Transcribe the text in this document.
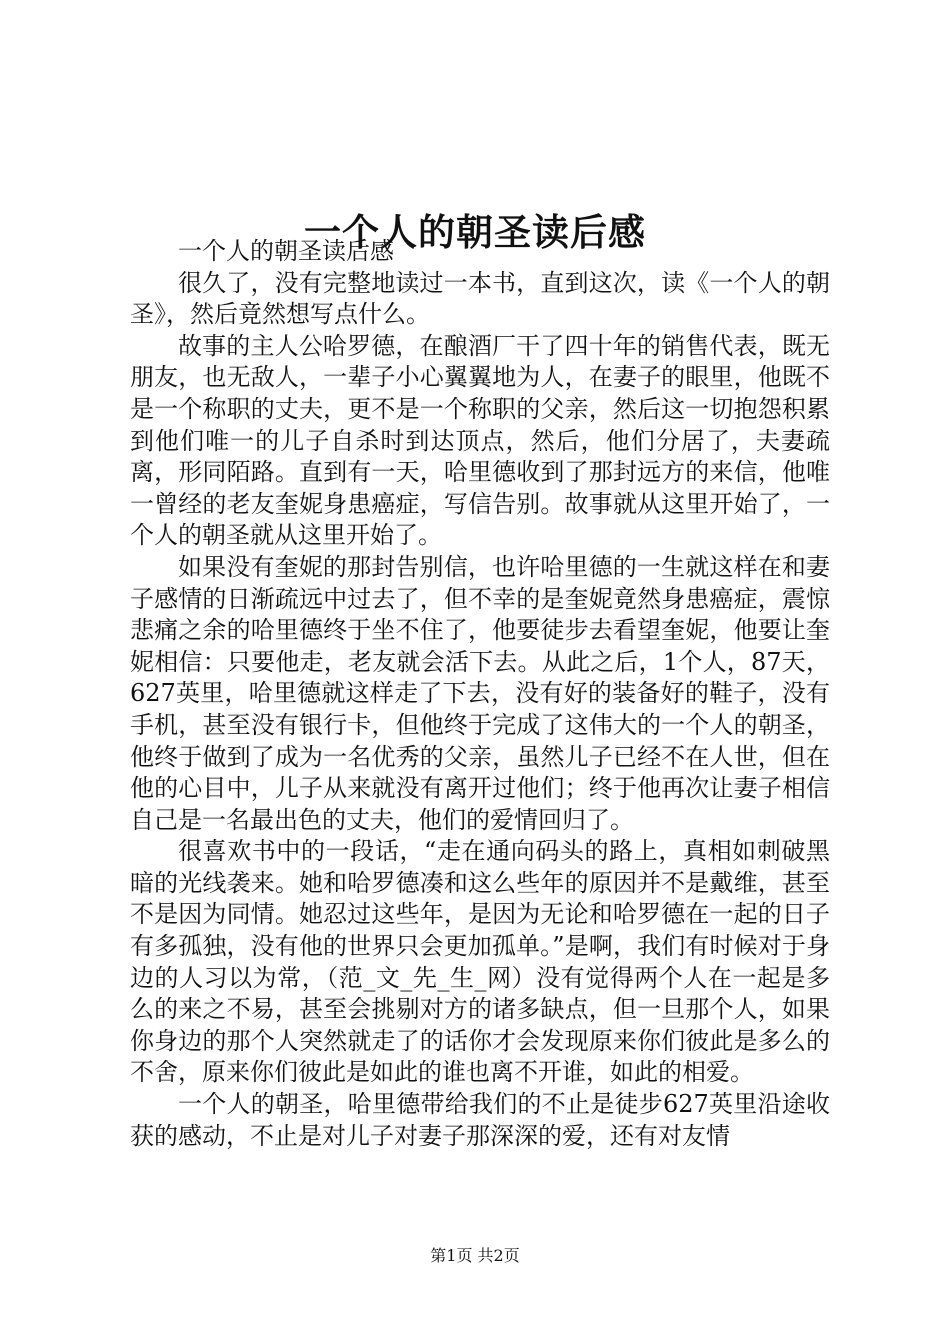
一个人的朝圣读后感

一个人的朝圣读后感

很久了，没有完整地读过一本书，直到这次，读《一个人的朝圣》，然后竟然想写点什么。

故事的主人公哈罗德，在酿酒厂干了四十年的销售代表，既无朋友，也无敌人，一辈子小心翼翼地为人，在妻子的眼里，他既不是一个称职的丈夫，更不是一个称职的父亲，然后这一切抱怨积累到他们唯一的儿子自杀时到达顶点，然后，他们分居了，夫妻疏离，形同陌路。直到有一天，哈里德收到了那封远方的来信，他唯一曾经的老友奎妮身患癌症，写信告别。故事就从这里开始了，一个人的朝圣就从这里开始了。

如果没有奎妮的那封告别信，也许哈里德的一生就这样在和妻子感情的日渐疏远中过去了，但不幸的是奎妮竟然身患癌症，震惊悲痛之余的哈里德终于坐不住了，他要徒步去看望奎妮，他要让奎妮相信：只要他走，老友就会活下去。从此之后，1个人，87天，627英里，哈里德就这样走了下去，没有好的装备好的鞋子，没有手机，甚至没有银行卡，但他终于完成了这伟大的一个人的朝圣，他终于做到了成为一名优秀的父亲，虽然儿子已经不在人世，但在他的心目中，儿子从来就没有离开过他们；终于他再次让妻子相信自己是一名最出色的丈夫，他们的爱情回归了。

很喜欢书中的一段话，“走在通向码头的路上，真相如刺破黑暗的光线袭来。她和哈罗德凑和这么些年的原因并不是戴维，甚至不是因为同情。她忍过这些年，是因为无论和哈罗德在一起的日子有多孤独，没有他的世界只会更加孤单。”是啊，我们有时候对于身边的人习以为常，（范_文_先_生_网）没有觉得两个人在一起是多么的来之不易，甚至会挑剔对方的诸多缺点，但一旦那个人，如果你身边的那个人突然就走了的话你才会发现原来你们彼此是多么的不舍，原来你们彼此是如此的谁也离不开谁，如此的相爱。

一个人的朝圣，哈里德带给我们的不止是徒步627英里沿途收获的感动，不止是对儿子对妻子那深深的爱，还有对友情

第1页 共2页
